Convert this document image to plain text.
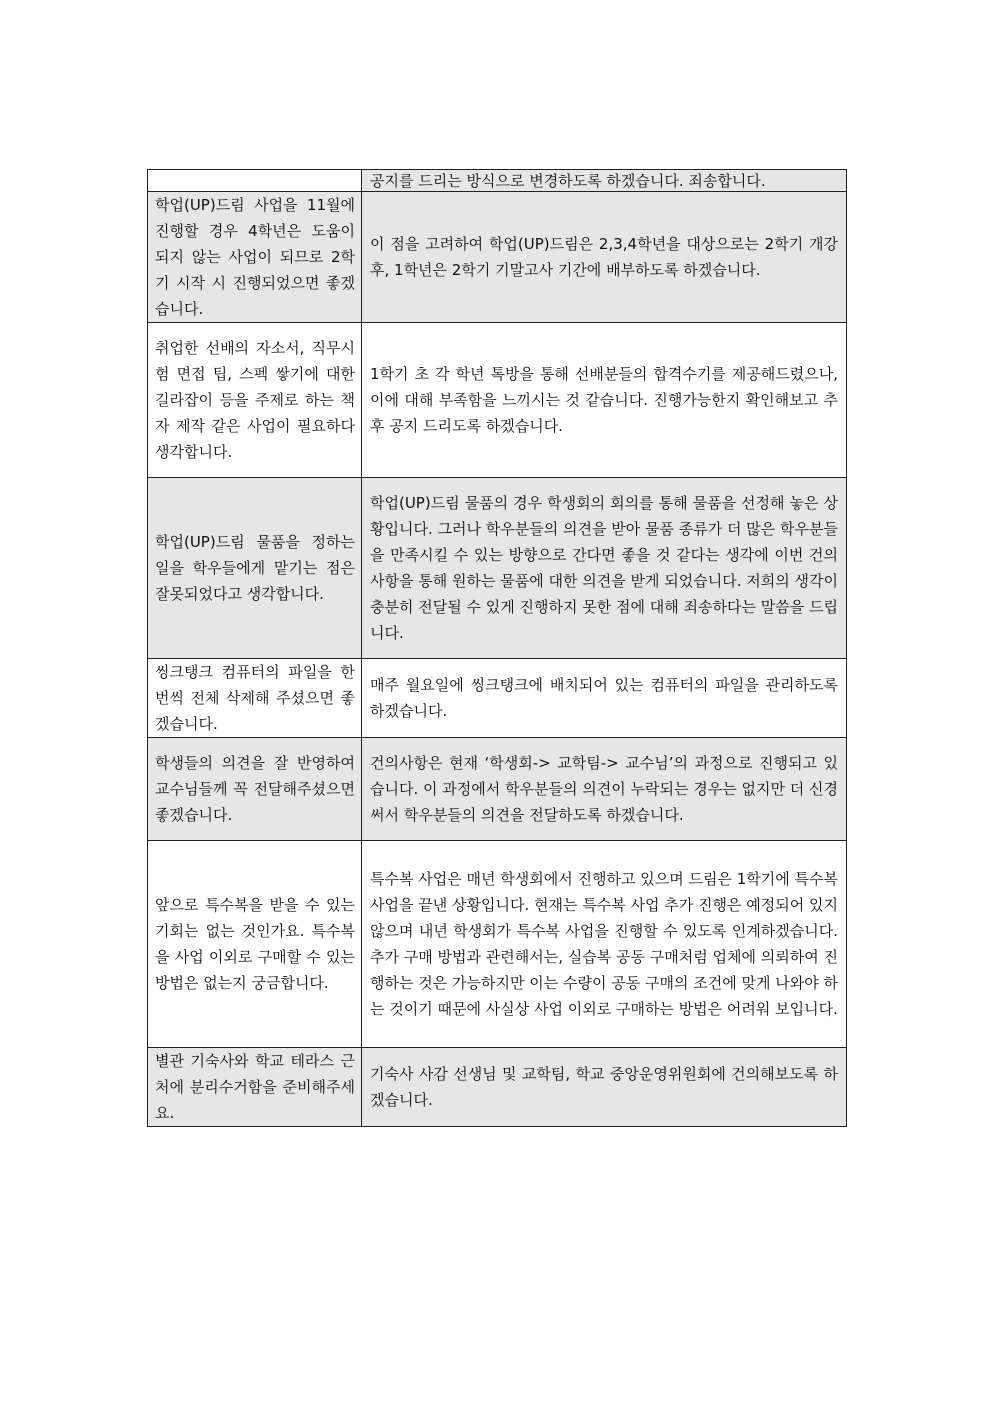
	공지를 드리는 방식으로 변경하도록 하겠습니다. 죄송합니다.
학업(UP)드림 사업을 11월에 진행할 경우 4학년은 도움이 되지 않는 사업이 되므로 2학기 시작 시 진행되었으면 좋겠습니다.	이 점을 고려하여 학업(UP)드림은 2,3,4학년을 대상으로는 2학기 개강 후, 1학년은 2학기 기말고사 기간에 배부하도록 하겠습니다.
취업한 선배의 자소서, 직무시험 면접 팁, 스펙 쌓기에 대한 길라잡이 등을 주제로 하는 책자 제작 같은 사업이 필요하다 생각합니다.	1학기 초 각 학년 톡방을 통해 선배분들의 합격수기를 제공해드렸으나, 이에 대해 부족함을 느끼시는 것 같습니다. 진행가능한지 확인해보고 추후 공지 드리도록 하겠습니다.
학업(UP)드림 물품을 정하는 일을 학우들에게 맡기는 점은 잘못되었다고 생각합니다.	학업(UP)드림 물품의 경우 학생회의 회의를 통해 물품을 선정해 놓은 상황입니다. 그러나 학우분들의 의견을 받아 물품 종류가 더 많은 학우분들을 만족시킬 수 있는 방향으로 간다면 좋을 것 같다는 생각에 이번 건의사항을 통해 원하는 물품에 대한 의견을 받게 되었습니다. 저희의 생각이 충분히 전달될 수 있게 진행하지 못한 점에 대해 죄송하다는 말씀을 드립니다.
씽크탱크 컴퓨터의 파일을 한 번씩 전체 삭제해 주셨으면 좋겠습니다.	매주 월요일에 씽크탱크에 배치되어 있는 컴퓨터의 파일을 관리하도록 하겠습니다.
학생들의 의견을 잘 반영하여 교수님들께 꼭 전달해주셨으면 좋겠습니다.	건의사항은 현재 ‘학생회-> 교학팀-> 교수님’의 과정으로 진행되고 있습니다. 이 과정에서 학우분들의 의견이 누락되는 경우는 없지만 더 신경써서 학우분들의 의견을 전달하도록 하겠습니다.
앞으로 특수복을 받을 수 있는 기회는 없는 것인가요. 특수복을 사업 이외로 구매할 수 있는 방법은 없는지 궁금합니다.	특수복 사업은 매년 학생회에서 진행하고 있으며 드림은 1학기에 특수복 사업을 끝낸 상황입니다. 현재는 특수복 사업 추가 진행은 예정되어 있지 않으며 내년 학생회가 특수복 사업을 진행할 수 있도록 인계하겠습니다. 추가 구매 방법과 관련해서는, 실습복 공동 구매처럼 업체에 의뢰하여 진행하는 것은 가능하지만 이는 수량이 공동 구매의 조건에 맞게 나와야 하는 것이기 때문에 사실상 사업 이외로 구매하는 방법은 어려워 보입니다.
별관 기숙사와 학교 테라스 근처에 분리수거함을 준비해주세요.	기숙사 사감 선생님 및 교학팀, 학교 중앙운영위원회에 건의해보도록 하겠습니다.
